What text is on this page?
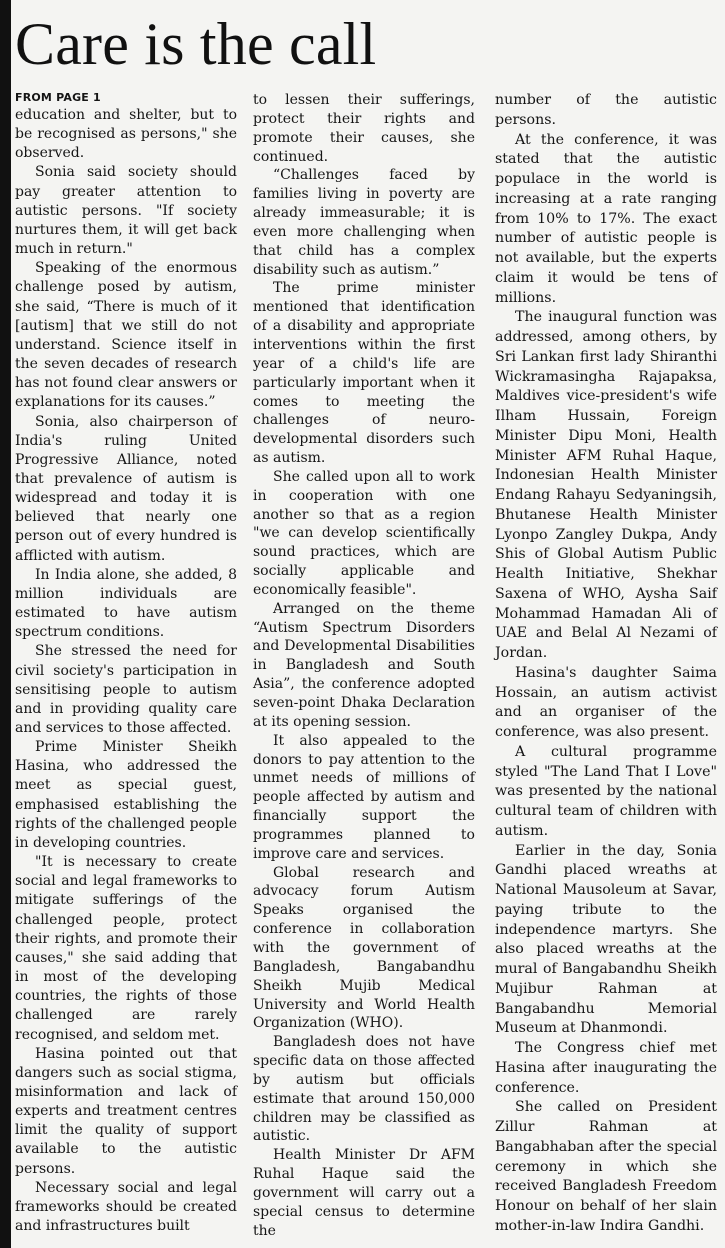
Care is the call
FROM PAGE 1

education and shelter, but to be recognised as persons," she observed.

Sonia said society should pay greater attention to autistic persons. "If society nurtures them, it will get back much in return."

Speaking of the enormous challenge posed by autism, she said, “There is much of it [autism] that we still do not understand. Science itself in the seven decades of research has not found clear answers or explanations for its causes.”

Sonia, also chairperson of India's ruling United Progressive Alliance, noted that prevalence of autism is widespread and today it is believed that nearly one person out of every hundred is afflicted with autism.

In India alone, she added, 8 million individuals are estimated to have autism spectrum conditions.

She stressed the need for civil society's participation in sensitising people to autism and in providing quality care and services to those affected.

Prime Minister Sheikh Hasina, who addressed the meet as special guest, emphasised establishing the rights of the challenged people in developing countries.

"It is necessary to create social and legal frameworks to mitigate sufferings of the challenged people, protect their rights, and promote their causes," she said adding that in most of the developing countries, the rights of those challenged are rarely recognised, and seldom met.

Hasina pointed out that dangers such as social stigma, misinformation and lack of experts and treatment centres limit the quality of support available to the autistic persons.

Necessary social and legal frameworks should be created and infrastructures built

to lessen their sufferings, protect their rights and promote their causes, she continued.

“Challenges faced by families living in poverty are already immeasurable; it is even more challenging when that child has a complex disability such as autism.”

The prime minister mentioned that identification of a disability and appropriate interventions within the first year of a child's life are particularly important when it comes to meeting the challenges of neuro-developmental disorders such as autism.

She called upon all to work in cooperation with one another so that as a region "we can develop scientifically sound practices, which are socially applicable and economically feasible".

Arranged on the theme “Autism Spectrum Disorders and Developmental Disabilities in Bangladesh and South Asia”, the conference adopted seven-point Dhaka Declaration at its opening session.

It also appealed to the donors to pay attention to the unmet needs of millions of people affected by autism and financially support the programmes planned to improve care and services.

Global research and advocacy forum Autism Speaks organised the conference in collaboration with the government of Bangladesh, Bangabandhu Sheikh Mujib Medical University and World Health Organization (WHO).

Bangladesh does not have specific data on those affected by autism but officials estimate that around 150,000 children may be classified as autistic.

Health Minister Dr AFM Ruhal Haque said the government will carry out a special census to determine the

number of the autistic persons.

At the conference, it was stated that the autistic populace in the world is increasing at a rate ranging from 10% to 17%. The exact number of autistic people is not available, but the experts claim it would be tens of millions.

The inaugural function was addressed, among others, by Sri Lankan first lady Shiranthi Wickramasingha Rajapaksa, Maldives vice-president's wife Ilham Hussain, Foreign Minister Dipu Moni, Health Minister AFM Ruhal Haque, Indonesian Health Minister Endang Rahayu Sedyaningsih, Bhutanese Health Minister Lyonpo Zangley Dukpa, Andy Shis of Global Autism Public Health Initiative, Shekhar Saxena of WHO, Aysha Saif Mohammad Hamadan Ali of UAE and Belal Al Nezami of Jordan.

Hasina's daughter Saima Hossain, an autism activist and an organiser of the conference, was also present.

A cultural programme styled "The Land That I Love" was presented by the national cultural team of children with autism.

Earlier in the day, Sonia Gandhi placed wreaths at National Mausoleum at Savar, paying tribute to the independence martyrs. She also placed wreaths at the mural of Bangabandhu Sheikh Mujibur Rahman at Bangabandhu Memorial Museum at Dhanmondi.

The Congress chief met Hasina after inaugurating the conference.

She called on President Zillur Rahman at Bangabhaban after the special ceremony in which she received Bangladesh Freedom Honour on behalf of her slain mother-in-law Indira Gandhi.
